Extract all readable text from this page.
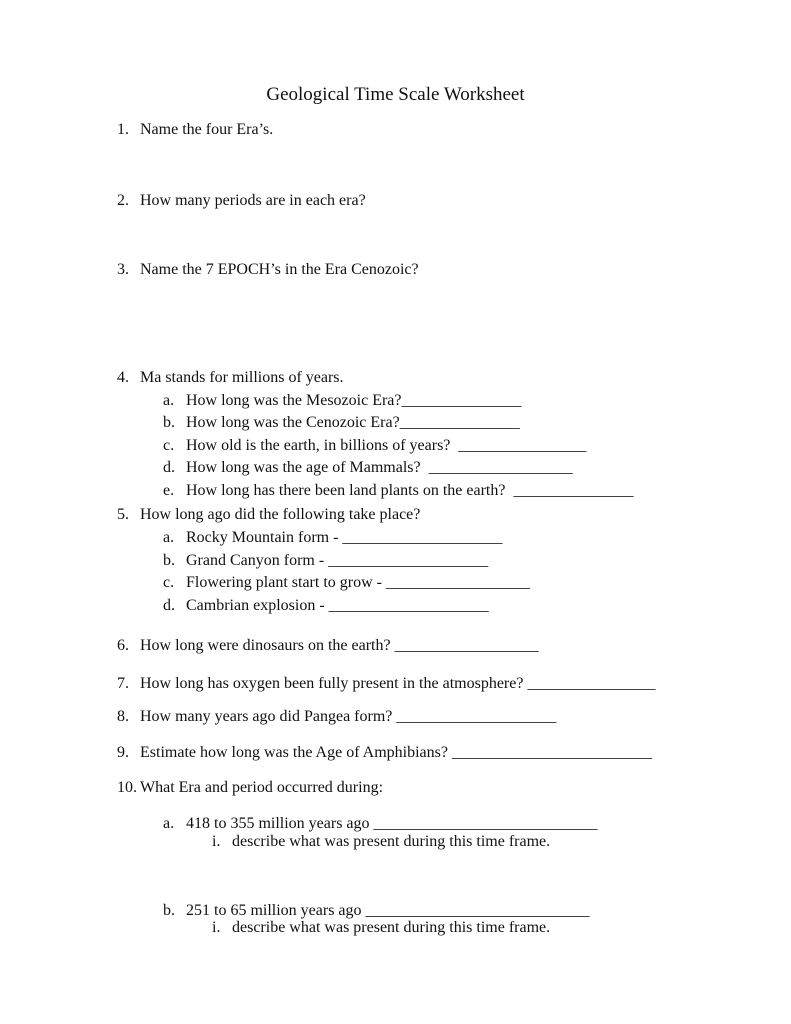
Geological Time Scale Worksheet
1. Name the four Era’s.
2. How many periods are in each era?
3. Name the 7 EPOCH’s in the Era Cenozoic?
4. Ma stands for millions of years.
a. How long was the Mesozoic Era?_______________
b. How long was the Cenozoic Era?_______________
c. How old is the earth, in billions of years?  ________________
d. How long was the age of Mammals?  __________________
e. How long has there been land plants on the earth?  _______________
5. How long ago did the following take place?
a. Rocky Mountain form - ____________________
b. Grand Canyon form - ____________________
c. Flowering plant start to grow - __________________
d. Cambrian explosion - ____________________
6. How long were dinosaurs on the earth? __________________
7. How long has oxygen been fully present in the atmosphere? ________________
8. How many years ago did Pangea form? ____________________
9. Estimate how long was the Age of Amphibians? _________________________
10. What Era and period occurred during:
a. 418 to 355 million years ago ____________________________
i. describe what was present during this time frame.
b. 251 to 65 million years ago ____________________________
i. describe what was present during this time frame.
